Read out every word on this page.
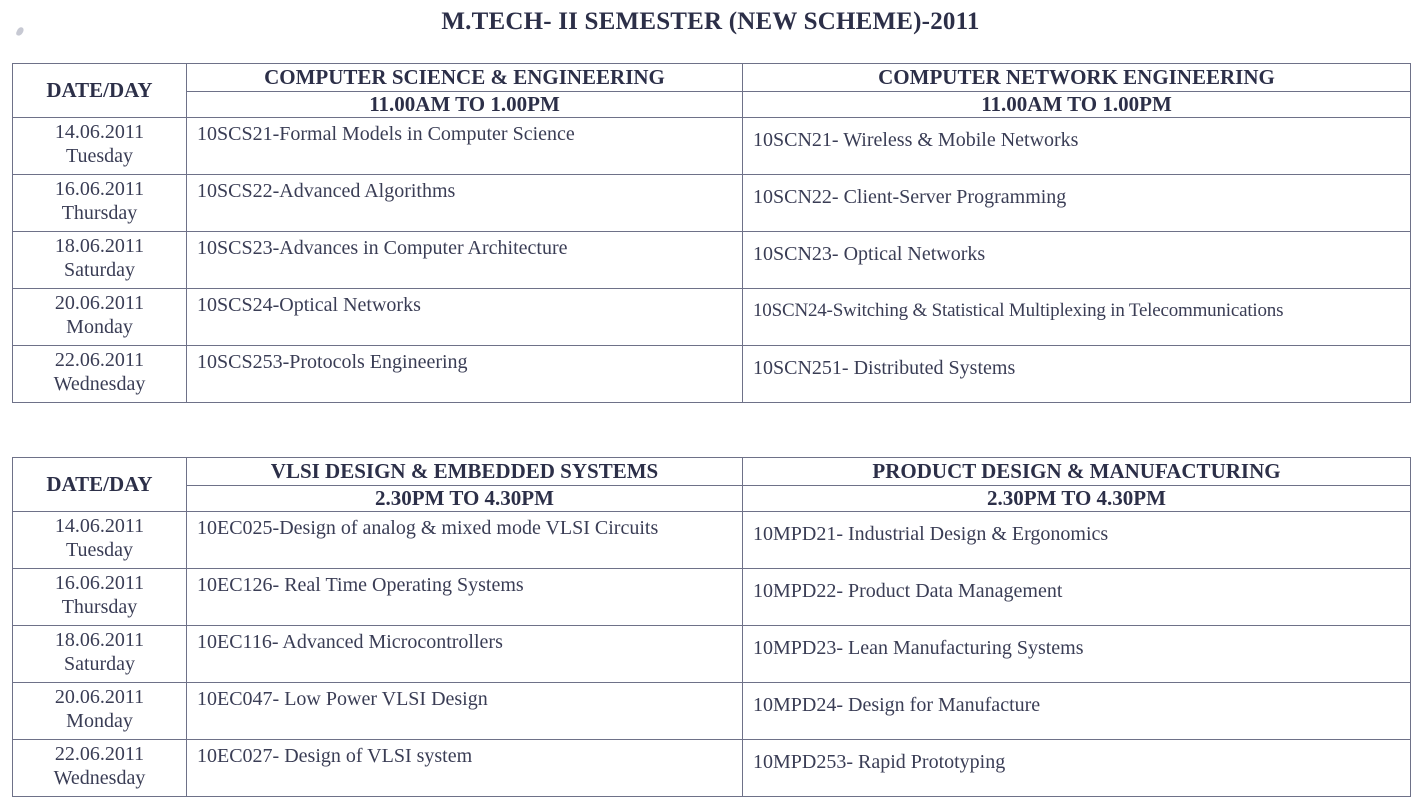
M.TECH- II SEMESTER (NEW SCHEME)-2011
DATE/DAY	COMPUTER SCIENCE & ENGINEERING	COMPUTER NETWORK ENGINEERING
	11.00AM TO 1.00PM	11.00AM TO 1.00PM

14.06.2011
Tuesday	10SCS21-Formal Models in Computer Science	10SCN21- Wireless & Mobile Networks

16.06.2011
Thursday	10SCS22-Advanced Algorithms	10SCN22- Client-Server Programming

18.06.2011
Saturday	10SCS23-Advances in Computer Architecture	10SCN23- Optical Networks

20.06.2011
Monday	10SCS24-Optical Networks	10SCN24-Switching & Statistical Multiplexing in Telecommunications

22.06.2011
Wednesday	10SCS253-Protocols Engineering	10SCN251- Distributed Systems
DATE/DAY	VLSI DESIGN & EMBEDDED SYSTEMS	PRODUCT DESIGN & MANUFACTURING
	2.30PM TO 4.30PM	2.30PM TO 4.30PM

14.06.2011
Tuesday	10EC025-Design of analog & mixed mode VLSI Circuits	10MPD21- Industrial Design & Ergonomics

16.06.2011
Thursday	10EC126- Real Time Operating Systems	10MPD22- Product Data Management

18.06.2011
Saturday	10EC116- Advanced Microcontrollers	10MPD23- Lean Manufacturing Systems

20.06.2011
Monday	10EC047- Low Power VLSI Design	10MPD24- Design for Manufacture

22.06.2011
Wednesday	10EC027- Design of VLSI system	10MPD253- Rapid Prototyping
